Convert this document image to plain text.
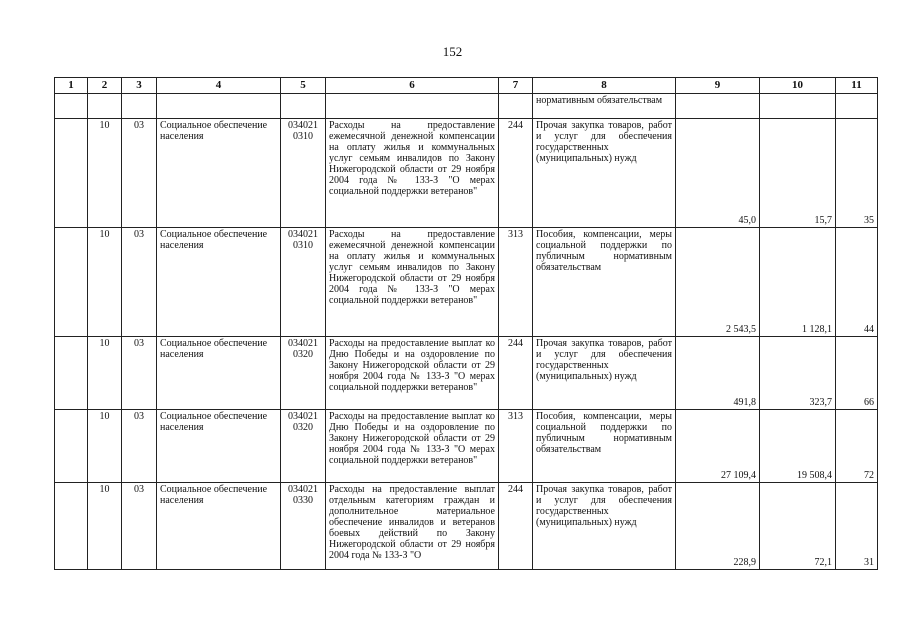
152
1	2	3	4	5	6	7	8	9	10	11
							нормативным обязательствам			
	10	03	Социальное обеспечение населения	034021 0310	Расходы на предоставление ежемесячной денежной компенсации на оплату жилья и коммунальных услуг семьям инвалидов по Закону Нижегородской области от 29 ноября 2004 года № 133-З "О мерах социальной поддержки ветеранов"	244	Прочая закупка товаров, работ и услуг для обеспечения государственных (муниципальных) нужд	45,0	15,7	35
	10	03	Социальное обеспечение населения	034021 0310	Расходы на предоставление ежемесячной денежной компенсации на оплату жилья и коммунальных услуг семьям инвалидов по Закону Нижегородской области от 29 ноября 2004 года № 133-З "О мерах социальной поддержки ветеранов"	313	Пособия, компенсации, меры социальной поддержки по публичным нормативным обязательствам	2 543,5	1 128,1	44
	10	03	Социальное обеспечение населения	034021 0320	Расходы на предоставление выплат ко Дню Победы и на оздоровление по Закону Нижегородской области от 29 ноября 2004 года № 133-З "О мерах социальной поддержки ветеранов"	244	Прочая закупка товаров, работ и услуг для обеспечения государственных (муниципальных) нужд	491,8	323,7	66
	10	03	Социальное обеспечение населения	034021 0320	Расходы на предоставление выплат ко Дню Победы и на оздоровление по Закону Нижегородской области от 29 ноября 2004 года № 133-З "О мерах социальной поддержки ветеранов"	313	Пособия, компенсации, меры социальной поддержки по публичным нормативным обязательствам	27 109,4	19 508,4	72
	10	03	Социальное обеспечение населения	034021 0330	Расходы на предоставление выплат отдельным категориям граждан и дополнительное материальное обеспечение инвалидов и ветеранов боевых действий по Закону Нижегородской области от 29 ноября 2004 года № 133-З "О	244	Прочая закупка товаров, работ и услуг для обеспечения государственных (муниципальных) нужд	228,9	72,1	31
